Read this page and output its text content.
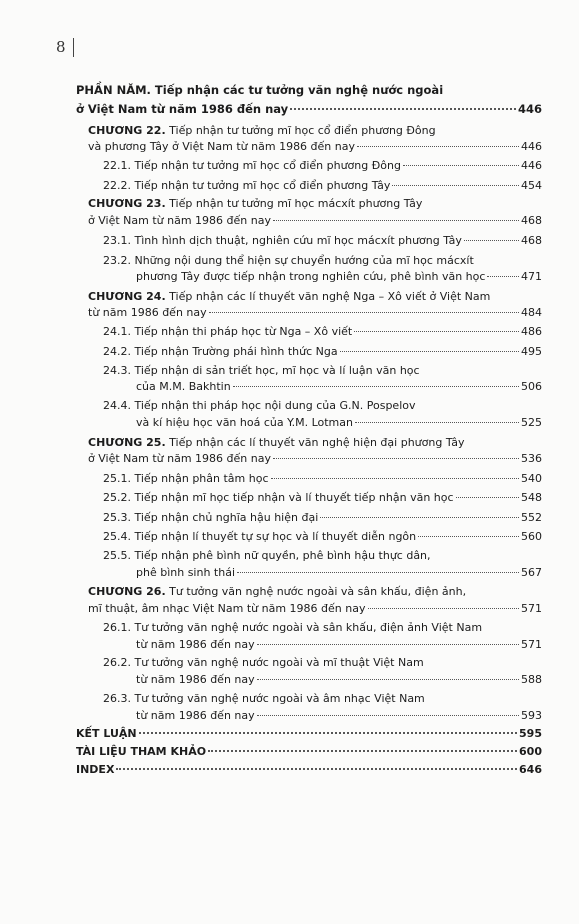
8
PHẦN NĂM. Tiếp nhận các tư tưởng văn nghệ nước ngoài
ở Việt Nam từ năm 1986 đến nay	446
CHƯƠNG 22. Tiếp nhận tư tưởng mĩ học cổ điển phương Đông
và phương Tây ở Việt Nam từ năm 1986 đến nay	446
22.1. Tiếp nhận tư tưởng mĩ học cổ điển phương Đông	446
22.2. Tiếp nhận tư tưởng mĩ học cổ điển phương Tây	454
CHƯƠNG 23. Tiếp nhận tư tưởng mĩ học mácxít phương Tây
ở Việt Nam từ năm 1986 đến nay	468
23.1. Tình hình dịch thuật, nghiên cứu mĩ học mácxít phương Tây	468
23.2. Những nội dung thể hiện sự chuyển hướng của mĩ học mácxít
phương Tây được tiếp nhận trong nghiên cứu, phê bình văn học	471
CHƯƠNG 24. Tiếp nhận các lí thuyết văn nghệ Nga – Xô viết ở Việt Nam
từ năm 1986 đến nay	484
24.1. Tiếp nhận thi pháp học từ Nga – Xô viết	486
24.2. Tiếp nhận Trường phái hình thức Nga	495
24.3. Tiếp nhận di sản triết học, mĩ học và lí luận văn học
của M.M. Bakhtin	506
24.4. Tiếp nhận thi pháp học nội dung của G.N. Pospelov
và kí hiệu học văn hoá của Y.M. Lotman	525
CHƯƠNG 25. Tiếp nhận các lí thuyết văn nghệ hiện đại phương Tây
ở Việt Nam từ năm 1986 đến nay	536
25.1. Tiếp nhận phân tâm học	540
25.2. Tiếp nhận mĩ học tiếp nhận và lí thuyết tiếp nhận văn học	548
25.3. Tiếp nhận chủ nghĩa hậu hiện đại	552
25.4. Tiếp nhận lí thuyết tự sự học và lí thuyết diễn ngôn	560
25.5. Tiếp nhận phê bình nữ quyền, phê bình hậu thực dân,
phê bình sinh thái	567
CHƯƠNG 26. Tư tưởng văn nghệ nước ngoài và sân khấu, điện ảnh,
mĩ thuật, âm nhạc Việt Nam từ năm 1986 đến nay	571
26.1. Tư tưởng văn nghệ nước ngoài và sân khấu, điện ảnh Việt Nam
từ năm 1986 đến nay	571
26.2. Tư tưởng văn nghệ nước ngoài và mĩ thuật Việt Nam
từ năm 1986 đến nay	588
26.3. Tư tưởng văn nghệ nước ngoài và âm nhạc Việt Nam
từ năm 1986 đến nay	593
KẾT LUẬN	595
TÀI LIỆU THAM KHẢO	600
INDEX	646
